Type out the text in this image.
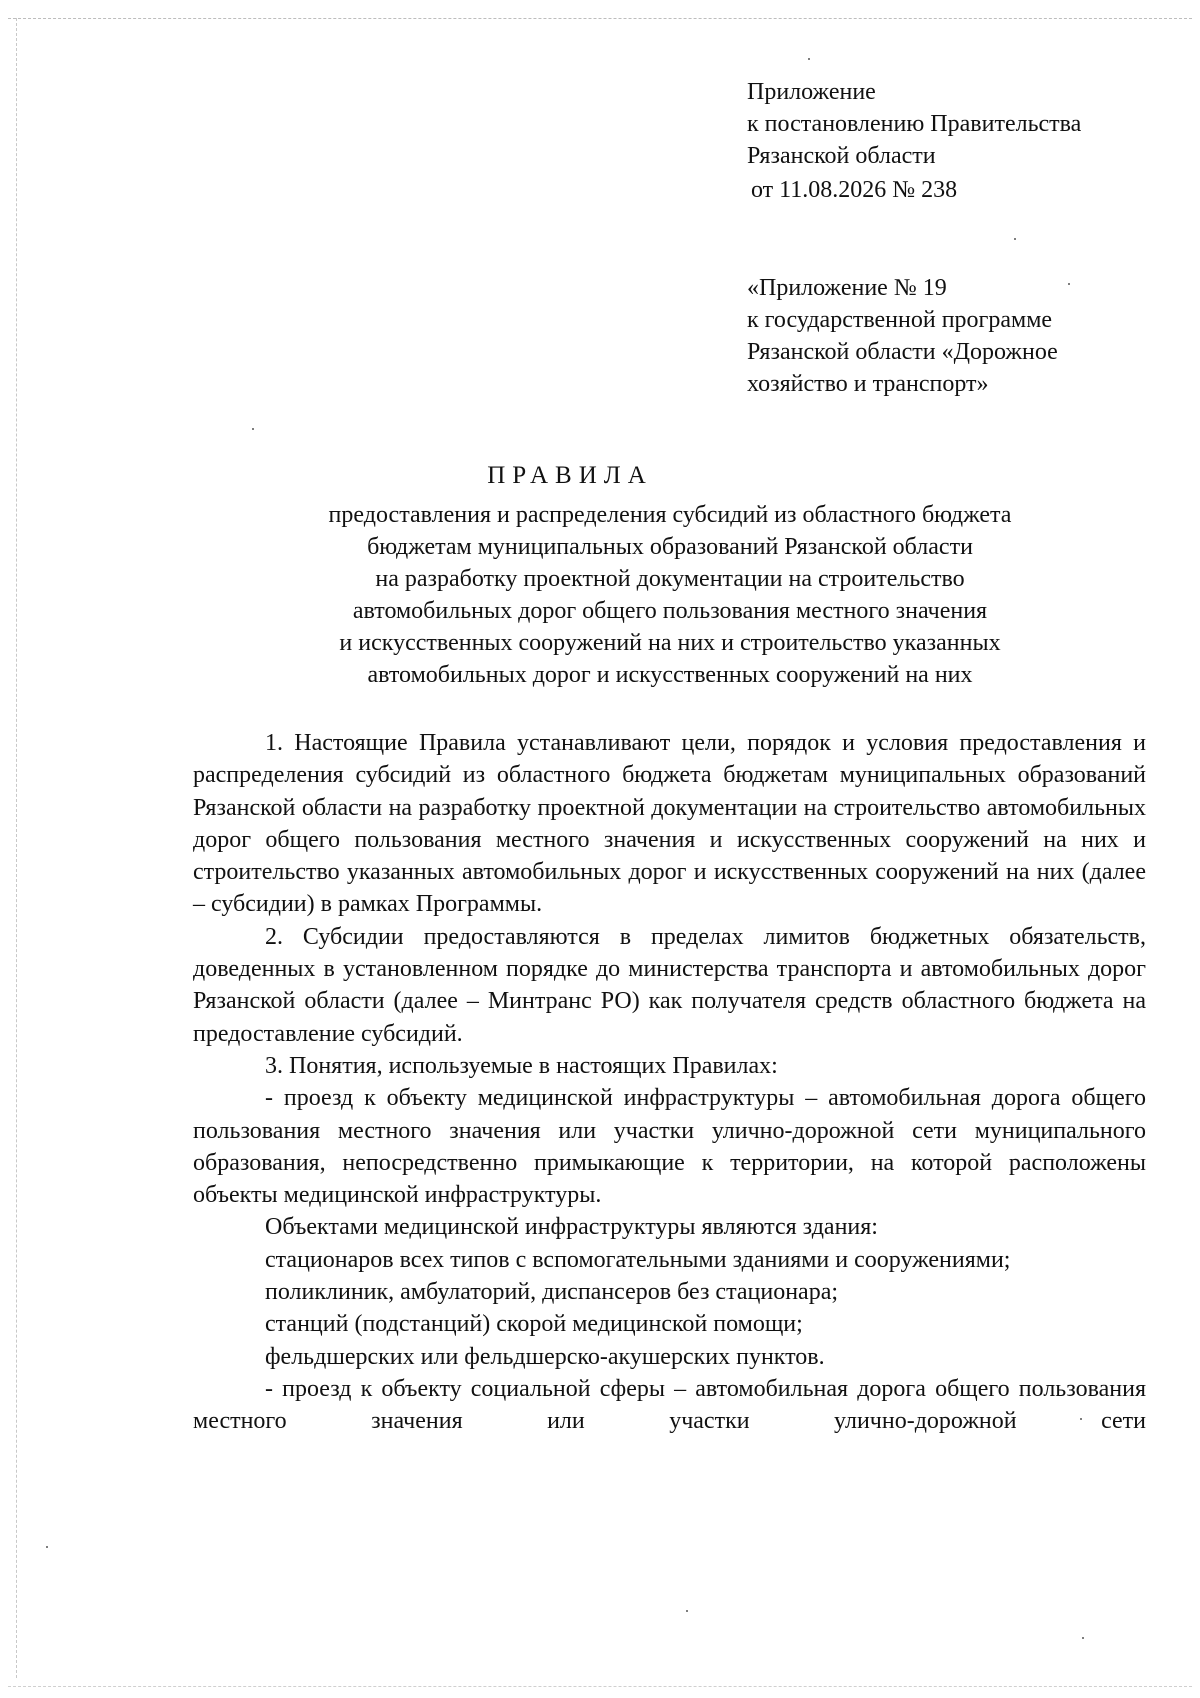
Приложение
к постановлению Правительства
Рязанской области
от 11.08.2026 № 238
«Приложение № 19
к государственной программе
Рязанской области «Дорожное
хозяйство и транспорт»
ПРАВИЛА
предоставления и распределения субсидий из областного бюджета
бюджетам муниципальных образований Рязанской области
на разработку проектной документации на строительство
автомобильных дорог общего пользования местного значения
и искусственных сооружений на них и строительство указанных
автомобильных дорог и искусственных сооружений на них
1. Настоящие Правила устанавливают цели, порядок и условия предоставления и распределения субсидий из областного бюджета бюджетам муниципальных образований Рязанской области на разработку проектной документации на строительство автомобильных дорог общего пользования местного значения и искусственных сооружений на них и строительство указанных автомобильных дорог и искусственных сооружений на них (далее – субсидии) в рамках Программы.
2. Субсидии предоставляются в пределах лимитов бюджетных обязательств, доведенных в установленном порядке до министерства транспорта и автомобильных дорог Рязанской области (далее – Минтранс РО) как получателя средств областного бюджета на предоставление субсидий.
3. Понятия, используемые в настоящих Правилах:
- проезд к объекту медицинской инфраструктуры – автомобильная дорога общего пользования местного значения или участки улично-дорожной сети муниципального образования, непосредственно примыкающие к территории, на которой расположены объекты медицинской инфраструктуры.
Объектами медицинской инфраструктуры являются здания:
стационаров всех типов с вспомогательными зданиями и сооружениями;
поликлиник, амбулаторий, диспансеров без стационара;
станций (подстанций) скорой медицинской помощи;
фельдшерских или фельдшерско-акушерских пунктов.
- проезд к объекту социальной сферы – автомобильная дорога общего пользования местного значения или участки улично-дорожной сети
